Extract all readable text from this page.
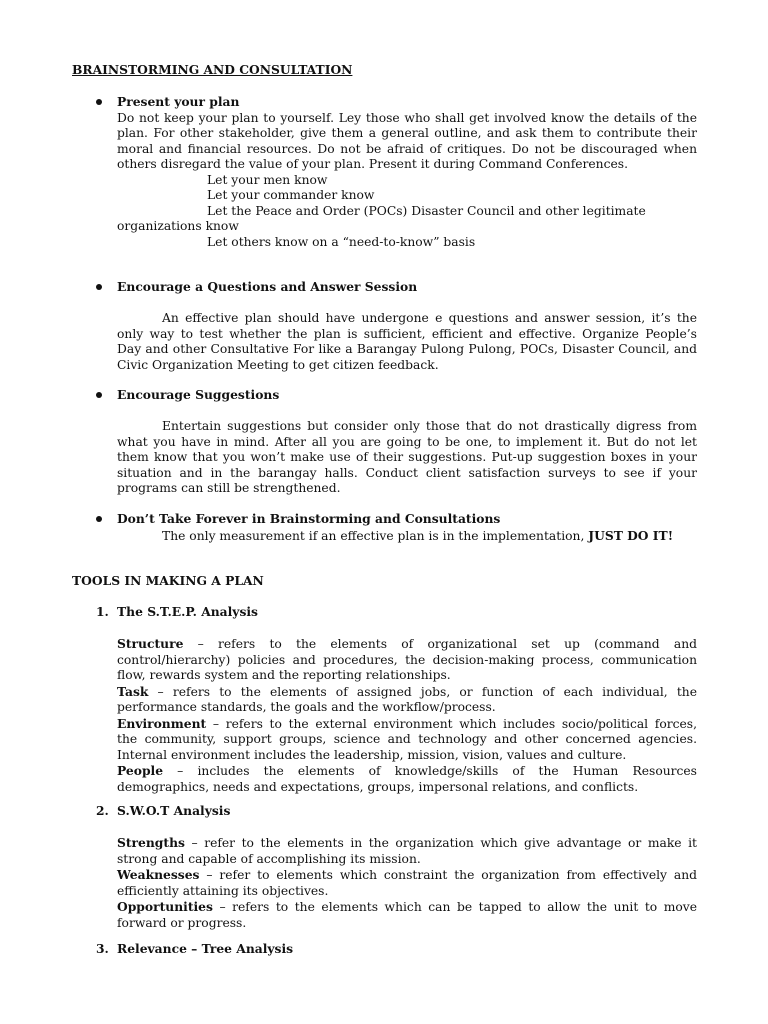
BRAINSTORMING AND CONSULTATION
Present your plan
Do not keep your plan to yourself. Ley those who shall get involved know the details of the
plan. For other stakeholder, give them a general outline, and ask them to contribute their
moral and financial resources. Do not be afraid of critiques. Do not be discouraged when
others disregard the value of your plan. Present it during Command Conferences.
Let your men know
Let your commander know
Let the Peace and Order (POCs) Disaster Council and other legitimate
organizations know
Let others know on a “need-to-know” basis
Encourage a Questions and Answer Session
An effective plan should have undergone e questions and answer session, it’s the
only way to test whether the plan is sufficient, efficient and effective. Organize People’s
Day and other Consultative For like a Barangay Pulong Pulong, POCs, Disaster Council, and
Civic Organization Meeting to get citizen feedback.
Encourage Suggestions
Entertain suggestions but consider only those that do not drastically digress from
what you have in mind. After all you are going to be one, to implement it. But do not let
them know that you won’t make use of their suggestions. Put-up suggestion boxes in your
situation and in the barangay halls. Conduct client satisfaction surveys to see if your
programs can still be strengthened.
Don’t Take Forever in Brainstorming and Consultations
The only measurement if an effective plan is in the implementation, JUST DO IT!
TOOLS IN MAKING A PLAN
1. The S.T.E.P. Analysis
Structure – refers to the elements of organizational set up (command and
control/hierarchy) policies and procedures, the decision-making process, communication
flow, rewards system and the reporting relationships.
Task – refers to the elements of assigned jobs, or function of each individual, the
performance standards, the goals and the workflow/process.
Environment – refers to the external environment which includes socio/political forces,
the community, support groups, science and technology and other concerned agencies.
Internal environment includes the leadership, mission, vision, values and culture.
People – includes the elements of knowledge/skills of the Human Resources
demographics, needs and expectations, groups, impersonal relations, and conflicts.
2. S.W.O.T Analysis
Strengths – refer to the elements in the organization which give advantage or make it
strong and capable of accomplishing its mission.
Weaknesses – refer to elements which constraint the organization from effectively and
efficiently attaining its objectives.
Opportunities – refers to the elements which can be tapped to allow the unit to move
forward or progress.
3. Relevance – Tree Analysis
